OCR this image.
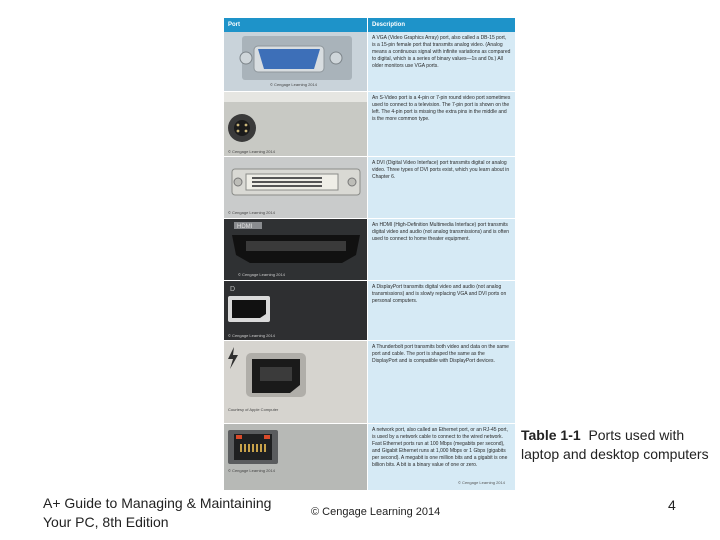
Port	Description
© Cengage Learning 2014
A VGA (Video Graphics Array) port, also called a DB-15 port, is a 15-pin female port that transmits analog video. (Analog means a continuous signal with infinite variations as compared to digital, which is a series of binary values—1s and 0s.) All older monitors use VGA ports.
© Cengage Learning 2014
An S-Video port is a 4-pin or 7-pin round video port sometimes used to connect to a television. The 7-pin port is shown on the left. The 4-pin port is missing the extra pins in the middle and is the more common type.
© Cengage Learning 2014
A DVI (Digital Video Interface) port transmits digital or analog video. Three types of DVI ports exist, which you learn about in Chapter 6.
HDMI
© Cengage Learning 2014
An HDMI (High-Definition Multimedia Interface) port transmits digital video and audio (not analog transmissions) and is often used to connect to home theater equipment.
D
© Cengage Learning 2014
A DisplayPort transmits digital video and audio (not analog transmissions) and is slowly replacing VGA and DVI ports on personal computers.
Courtesy of Apple Computer
A Thunderbolt port transmits both video and data on the same port and cable. The port is shaped the same as the DisplayPort and is compatible with DisplayPort devices.
© Cengage Learning 2014
A network port, also called an Ethernet port, or an RJ-45 port, is used by a network cable to connect to the wired network. Fast Ethernet ports run at 100 Mbps (megabits per second), and Gigabit Ethernet runs at 1,000 Mbps or 1 Gbps (gigabits per second). A megabit is one million bits and a gigabit is one billion bits. A bit is a binary value of one or zero.
© Cengage Learning 2014
Table 1-1 Ports used with laptop and desktop computers
A+ Guide to Managing & Maintaining
Your PC, 8th Edition
© Cengage Learning 2014	4
